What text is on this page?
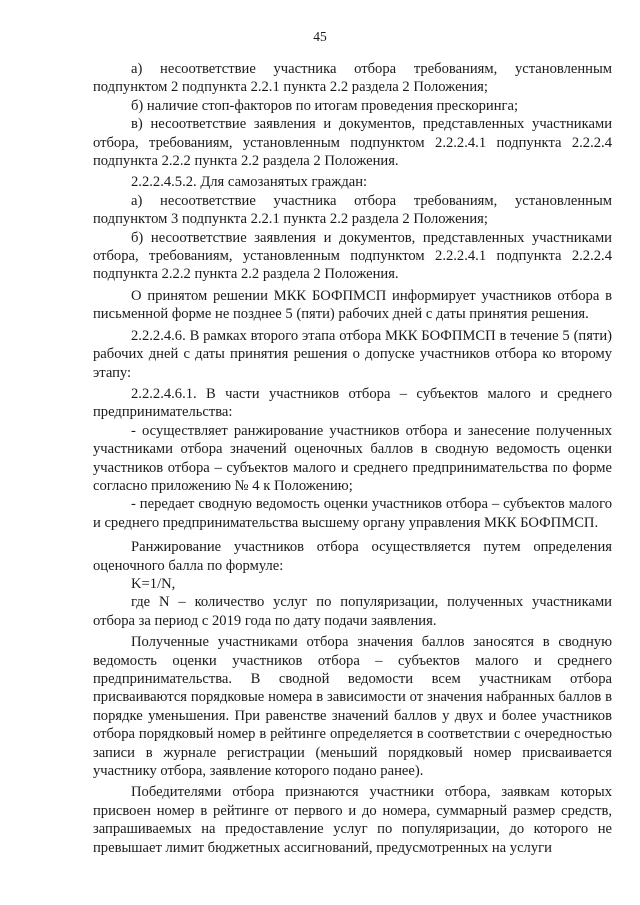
45

а) несоответствие участника отбора требованиям, установленным подпунктом 2 подпункта 2.2.1 пункта 2.2 раздела 2 Положения;

б) наличие стоп-факторов по итогам проведения прескоринга;

в) несоответствие заявления и документов, представленных участниками отбора, требованиям, установленным подпунктом 2.2.2.4.1 подпункта 2.2.2.4 подпункта 2.2.2 пункта 2.2 раздела 2 Положения.

2.2.2.4.5.2. Для самозанятых граждан:

а) несоответствие участника отбора требованиям, установленным подпунктом 3 подпункта 2.2.1 пункта 2.2 раздела 2 Положения;

б) несоответствие заявления и документов, представленных участниками отбора, требованиям, установленным подпунктом 2.2.2.4.1 подпункта 2.2.2.4 подпункта 2.2.2 пункта 2.2 раздела 2 Положения.

О принятом решении МКК БОФПМСП информирует участников отбора в письменной форме не позднее 5 (пяти) рабочих дней с даты принятия решения.

2.2.2.4.6. В рамках второго этапа отбора МКК БОФПМСП в течение 5 (пяти) рабочих дней с даты принятия решения о допуске участников отбора ко второму этапу:

2.2.2.4.6.1. В части участников отбора – субъектов малого и среднего предпринимательства:

- осуществляет ранжирование участников отбора и занесение полученных участниками отбора значений оценочных баллов в сводную ведомость оценки участников отбора – субъектов малого и среднего предпринимательства по форме согласно приложению № 4 к Положению;

- передает сводную ведомость оценки участников отбора – субъектов малого и среднего предпринимательства высшему органу управления МКК БОФПМСП.

Ранжирование участников отбора осуществляется путем определения оценочного балла по формуле:

K=1/N,

где N – количество услуг по популяризации, полученных участниками отбора за период с 2019 года по дату подачи заявления.

Полученные участниками отбора значения баллов заносятся в сводную ведомость оценки участников отбора – субъектов малого и среднего предпринимательства. В сводной ведомости всем участникам отбора присваиваются порядковые номера в зависимости от значения набранных баллов в порядке уменьшения. При равенстве значений баллов у двух и более участников отбора порядковый номер в рейтинге определяется в соответствии с очередностью записи в журнале регистрации (меньший порядковый номер присваивается участнику отбора, заявление которого подано ранее).

Победителями отбора признаются участники отбора, заявкам которых присвоен номер в рейтинге от первого и до номера, суммарный размер средств, запрашиваемых на предоставление услуг по популяризации, до которого не превышает лимит бюджетных ассигнований, предусмотренных на услуги
